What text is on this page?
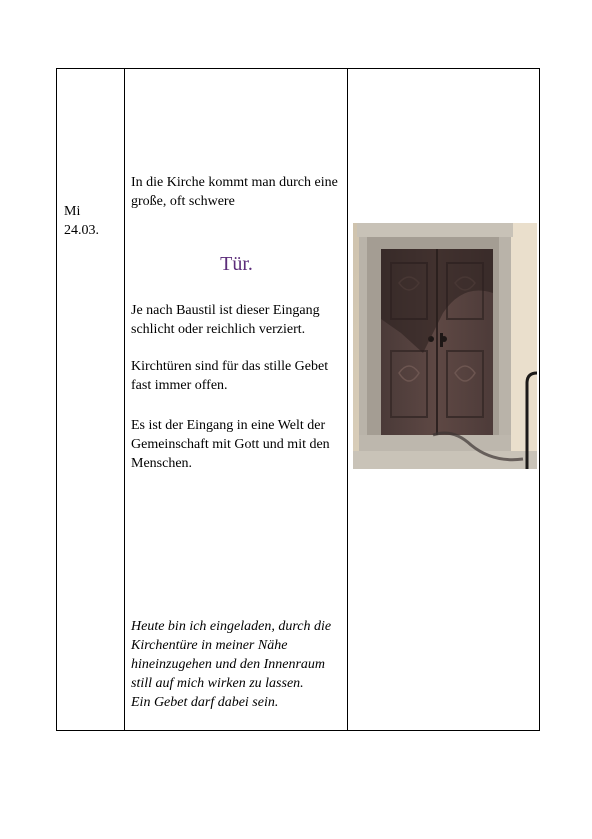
Mi
24.03.

In die Kirche kommt man durch eine große, oft schwere

Tür.

Je nach Baustil ist dieser Eingang schlicht oder reichlich verziert.

Kirchtüren sind für das stille Gebet fast immer offen.

Es ist der Eingang in eine Welt der Gemeinschaft mit Gott und mit den Menschen.

Heute bin ich eingeladen, durch die Kirchentüre in meiner Nähe hineinzugehen und den Innenraum still auf mich wirken zu lassen.
Ein Gebet darf dabei sein.
